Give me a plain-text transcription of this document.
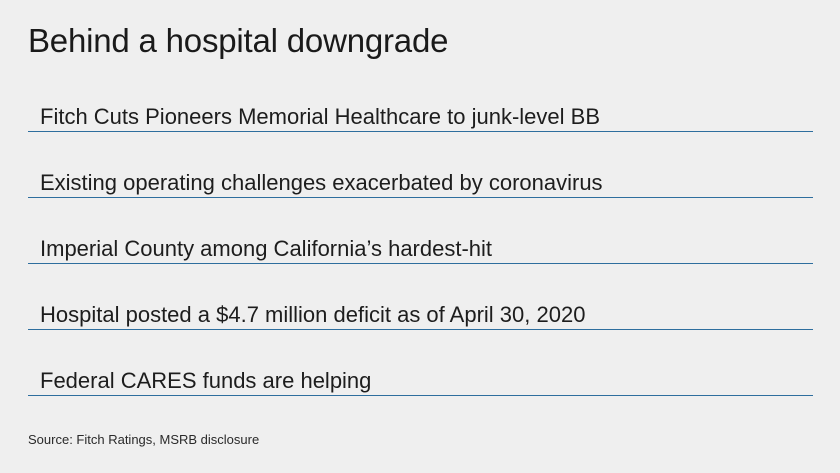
Behind a hospital downgrade
Fitch Cuts Pioneers Memorial Healthcare to junk-level BB
Existing operating challenges exacerbated by coronavirus
Imperial County among California’s hardest-hit
Hospital posted a $4.7 million deficit as of April 30, 2020
Federal CARES funds are helping
Source: Fitch Ratings, MSRB disclosure
